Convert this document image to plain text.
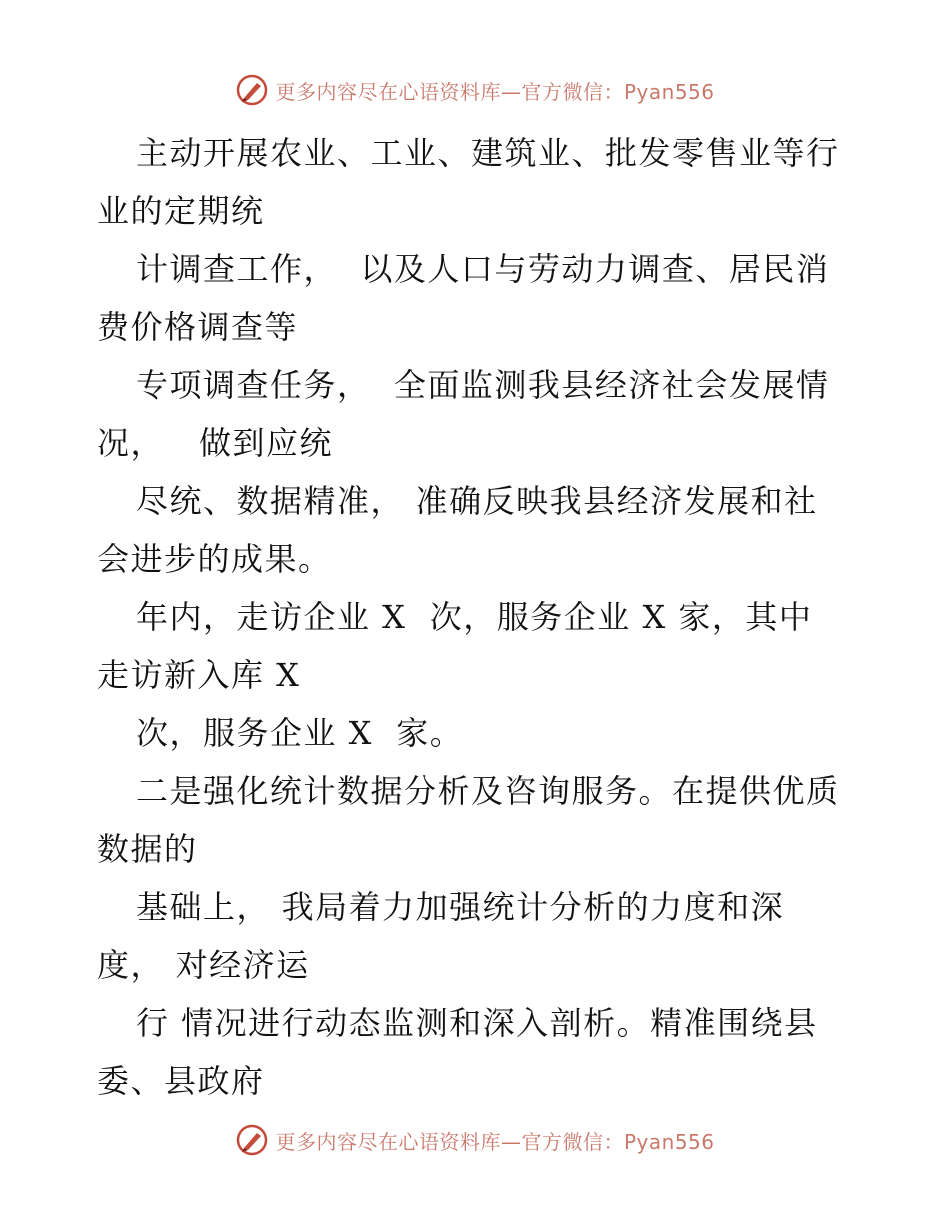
更多内容尽在心语资料库—官方微信：Pyan556
主动开展农业、工业、建筑业、批发零售业等行
业的定期统
计调查工作，  以及人口与劳动力调查、居民消
费价格调查等
专项调查任务，  全面监测我县经济社会发展情
况，   做到应统
尽统、数据精准， 准确反映我县经济发展和社
会进步的成果。
年内，走访企业 X  次，服务企业 X 家，其中
走访新入库 X
次，服务企业 X  家。
二是强化统计数据分析及咨询服务。在提供优质
数据的
基础上， 我局着力加强统计分析的力度和深
度， 对经济运
行 情况进行动态监测和深入剖析。精准围绕县
委、县政府
更多内容尽在心语资料库—官方微信：Pyan556
